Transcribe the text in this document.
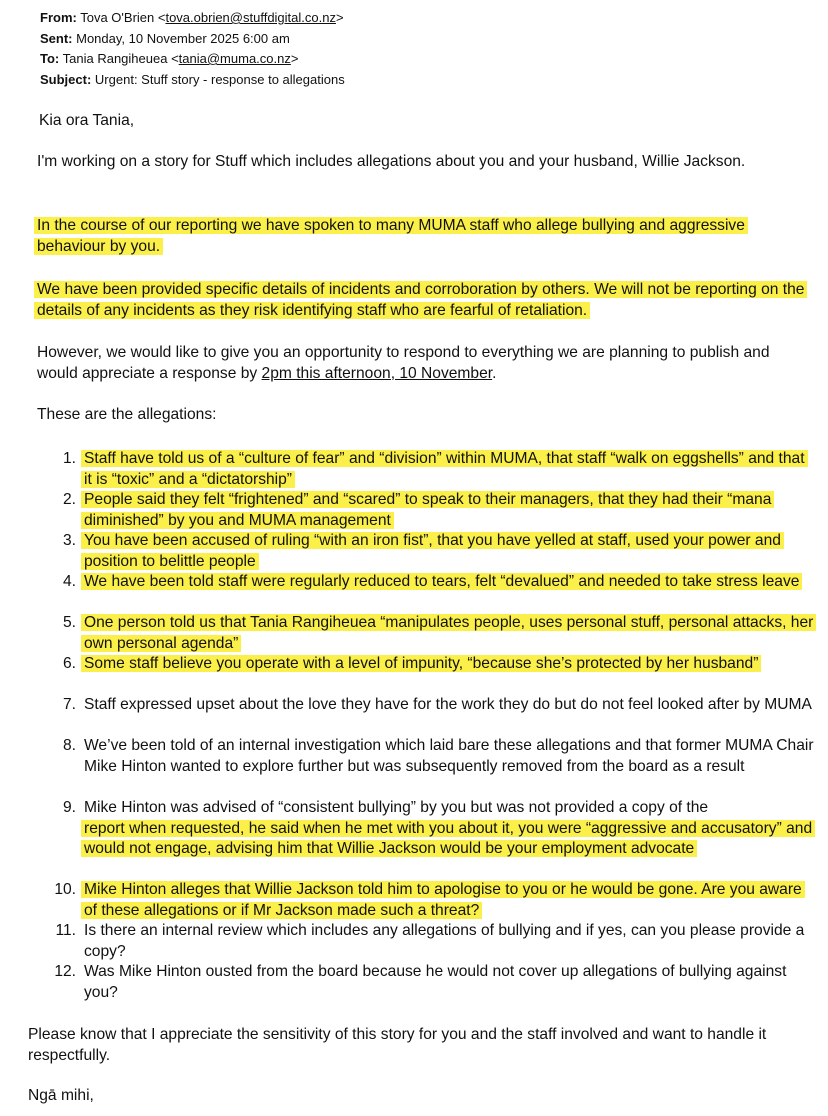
From: Tova O'Brien <tova.obrien@stuffdigital.co.nz>
Sent: Monday, 10 November 2025 6:00 am
To: Tania Rangiheuea <tania@muma.co.nz>
Subject: Urgent: Stuff story - response to allegations
Kia ora Tania,
I'm working on a story for Stuff which includes allegations about you and your husband, Willie Jackson.
In the course of our reporting we have spoken to many MUMA staff who allege bullying and aggressive behaviour by you.
We have been provided specific details of incidents and corroboration by others. We will not be reporting on the details of any incidents as they risk identifying staff who are fearful of retaliation.
However, we would like to give you an opportunity to respond to everything we are planning to publish and would appreciate a response by 2pm this afternoon, 10 November.
These are the allegations:
1. Staff have told us of a “culture of fear” and “division” within MUMA, that staff “walk on eggshells” and that it is “toxic” and a “dictatorship”
2. People said they felt “frightened” and “scared” to speak to their managers, that they had their “mana diminished” by you and MUMA management
3. You have been accused of ruling “with an iron fist”, that you have yelled at staff, used your power and position to belittle people
4. We have been told staff were regularly reduced to tears, felt “devalued” and needed to take stress leave
5. One person told us that Tania Rangiheuea “manipulates people, uses personal stuff, personal attacks, her own personal agenda”
6. Some staff believe you operate with a level of impunity, “because she’s protected by her husband”
7. Staff expressed upset about the love they have for the work they do but do not feel looked after by MUMA
8. We’ve been told of an internal investigation which laid bare these allegations and that former MUMA Chair Mike Hinton wanted to explore further but was subsequently removed from the board as a result
9. Mike Hinton was advised of “consistent bullying” by you but was not provided a copy of the
report when requested, he said when he met with you about it, you were “aggressive and accusatory” and would not engage, advising him that Willie Jackson would be your employment advocate
10. Mike Hinton alleges that Willie Jackson told him to apologise to you or he would be gone. Are you aware of these allegations or if Mr Jackson made such a threat?
11. Is there an internal review which includes any allegations of bullying and if yes, can you please provide a copy?
12. Was Mike Hinton ousted from the board because he would not cover up allegations of bullying against you?
Please know that I appreciate the sensitivity of this story for you and the staff involved and want to handle it respectfully.
Ngā mihi,
